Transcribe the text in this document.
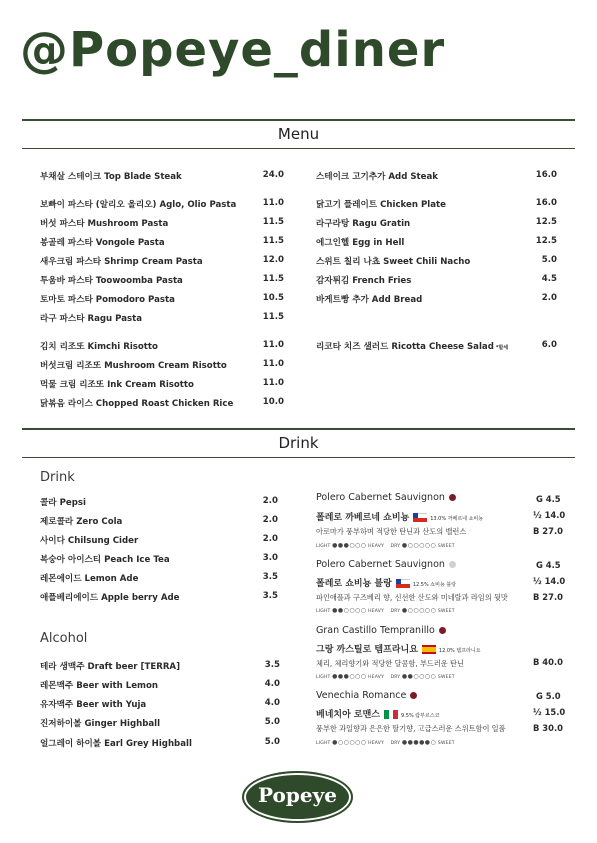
@Popeye_diner
Menu
부채살 스테이크 Top Blade Steak	24.0
보빠이 파스타 (알리오 올리오) Aglo, Olio Pasta	11.0
버섯 파스타 Mushroom Pasta	11.5
봉골레 파스타 Vongole Pasta	11.5
새우크림 파스타 Shrimp Cream Pasta	12.0
투움바 파스타 Toowoomba Pasta	11.5
토마토 파스타 Pomodoro Pasta	10.5
라구 파스타 Ragu Pasta	11.5
김치 리조또 Kimchi Risotto	11.0
버섯크림 리조또 Mushroom Cream Risotto	11.0
먹물 크림 리조또 Ink Cream Risotto	11.0
닭볶음 라이스 Chopped Roast Chicken Rice	10.0
스테이크 고기추가 Add Steak	16.0
닭고기 플레이트 Chicken Plate	16.0
라구라탕 Ragu Gratin	12.5
에그인헬 Egg in Hell	12.5
스위트 칠리 나쵸 Sweet Chili Nacho	5.0
감자튀김 French Fries	4.5
바게트빵 추가 Add Bread	2.0
리코타 치즈 샐러드 Ricotta Cheese Salad *할세	6.0
Drink
Drink
콜라 Pepsi	2.0
제로콜라 Zero Cola	2.0
사이다 Chilsung Cider	2.0
복숭아 아이스티 Peach Ice Tea	3.0
레몬에이드 Lemon Ade	3.5
애플베리에이드 Apple berry Ade	3.5
Alcohol
테라 생맥주 Draft beer [TERRA]	3.5
레몬맥주 Beer with Lemon	4.0
유자맥주 Beer with Yuja	4.0
진저하이볼 Ginger Highball	5.0
얼그레이 하이볼 Earl Grey Highball	5.0
Polero Cabernet Sauvignon
폴레로 까베르네 쇼비뇽	13.0% 까베르네 쇼비뇽
아로마가 풍부하며 적당한 탄닌과 산도의 밸런스
LIGHT ●●●○○○ HEAVY DRY ●○○○○○ SWEET
G 4.5
½ 14.0
B 27.0
Polero Cabernet Sauvignon
폴레로 쇼비뇽 블랑	12.5% 쇼비뇽 블랑
파인애플과 구즈베리 향, 신선한 산도와 미네랄과 라임의 뒷맛
LIGHT ●●○○○○ HEAVY DRY ●○○○○○ SWEET
G 4.5
½ 14.0
B 27.0
Gran Castillo Tempranillo
그랑 까스틸로 템프라니요	12.0% 템프라니요
체리, 체리향기와 적당한 달콤함, 부드러운 탄닌
LIGHT ●●●○○○ HEAVY DRY ●●○○○○ SWEET
B 40.0
Venechia Romance
베네치아 로맨스	9.5% 람부르스코
풍부한 과일향과 은은한 딸기향, 고급스러운 스위트함이 일품
LIGHT ●○○○○○ HEAVY DRY ●●●●●○ SWEET
G 5.0
½ 15.0
B 30.0
Popeye
